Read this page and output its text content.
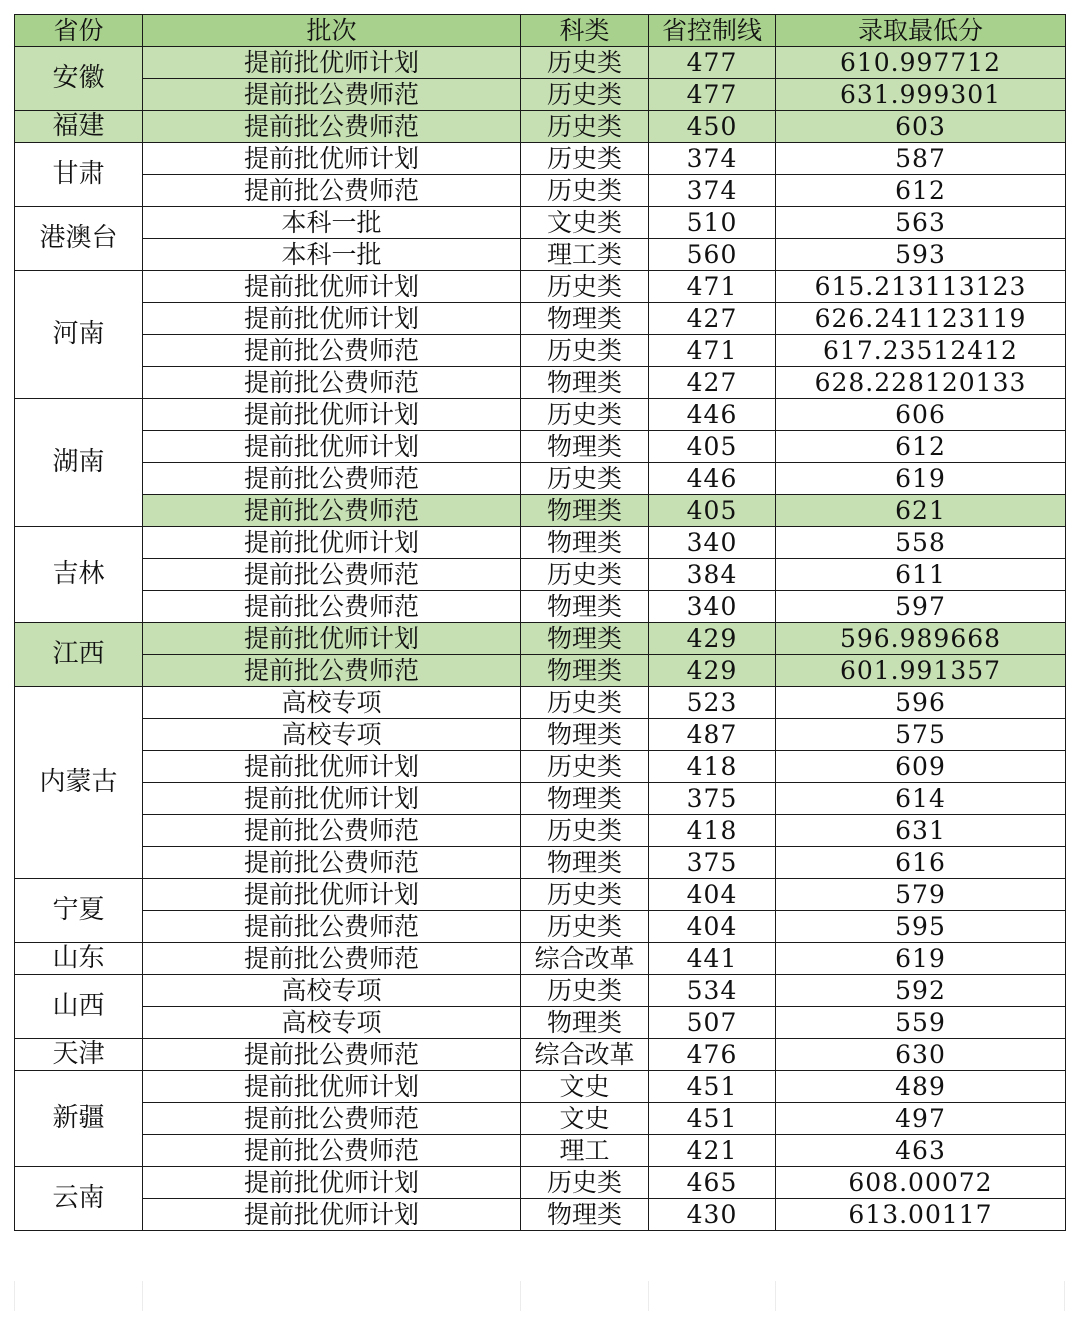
省份	批次	科类	省控制线	录取最低分
安徽	提前批优师计划	历史类	477	610.997712
	提前批公费师范	历史类	477	631.999301
福建	提前批公费师范	历史类	450	603
甘肃	提前批优师计划	历史类	374	587
	提前批公费师范	历史类	374	612
港澳台	本科一批	文史类	510	563
	本科一批	理工类	560	593
河南	提前批优师计划	历史类	471	615.213113123
	提前批优师计划	物理类	427	626.241123119
	提前批公费师范	历史类	471	617.23512412
	提前批公费师范	物理类	427	628.228120133
湖南	提前批优师计划	历史类	446	606
	提前批优师计划	物理类	405	612
	提前批公费师范	历史类	446	619
	提前批公费师范	物理类	405	621
吉林	提前批优师计划	物理类	340	558
	提前批公费师范	历史类	384	611
	提前批公费师范	物理类	340	597
江西	提前批优师计划	物理类	429	596.989668
	提前批公费师范	物理类	429	601.991357
内蒙古	高校专项	历史类	523	596
	高校专项	物理类	487	575
	提前批优师计划	历史类	418	609
	提前批优师计划	物理类	375	614
	提前批公费师范	历史类	418	631
	提前批公费师范	物理类	375	616
宁夏	提前批优师计划	历史类	404	579
	提前批公费师范	历史类	404	595
山东	提前批公费师范	综合改革	441	619
山西	高校专项	历史类	534	592
	高校专项	物理类	507	559
天津	提前批公费师范	综合改革	476	630
新疆	提前批优师计划	文史	451	489
	提前批公费师范	文史	451	497
	提前批公费师范	理工	421	463
云南	提前批优师计划	历史类	465	608.00072
	提前批优师计划	物理类	430	613.00117
